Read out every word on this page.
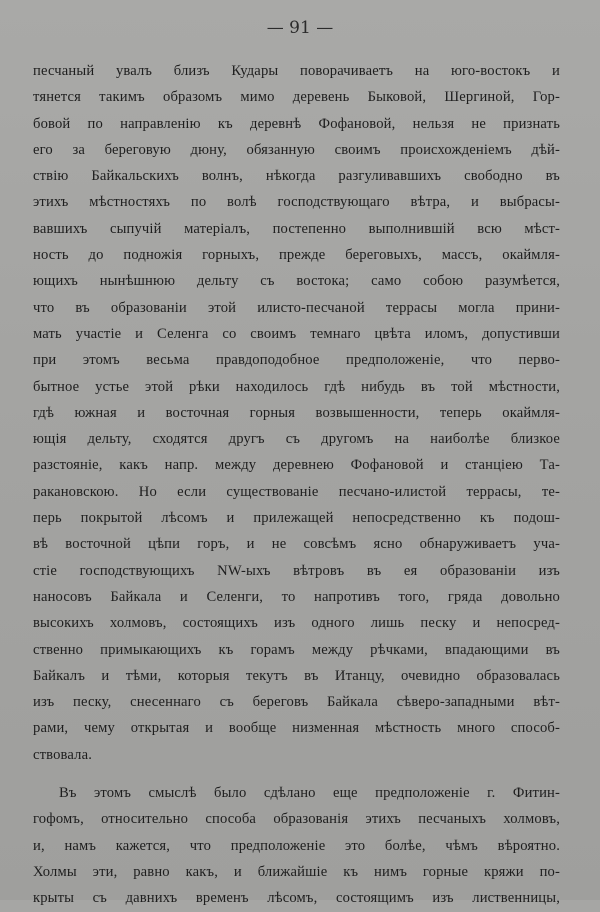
— 91 —

песчаный увалъ близъ Кудары поворачиваетъ на юго-востокъ и
тянется такимъ образомъ мимо деревень Быковой, Шергиной, Гор-
бовой по направленію къ деревнѣ Фофановой, нельзя не признать
его за береговую дюну, обязанную своимъ происхожденіемъ дѣй-
ствію Байкальскихъ волнъ, нѣкогда разгуливавшихъ свободно въ
этихъ мѣстностяхъ по волѣ господствующаго вѣтра, и выбрасы-
вавшихъ сыпучій матеріалъ, постепенно выполнившій всю мѣст-
ность до подножія горныхъ, прежде береговыхъ, массъ, окаймля-
ющихъ нынѣшнюю дельту съ востока; само собою разумѣется,
что въ образованіи этой илисто-песчаной террасы могла прини-
мать участіе и Селенга со своимъ темнаго цвѣта иломъ, допустивши
при этомъ весьма правдоподобное предположеніе, что перво-
бытное устье этой рѣки находилось гдѣ нибудь въ той мѣстности,
гдѣ южная и восточная горныя возвышенности, теперь окаймля-
ющія дельту, сходятся другъ съ другомъ на наиболѣе близкое
разстояніе, какъ напр. между деревнею Фофановой и станціею Та-
ракановскою. Но если существованіе песчано-илистой террасы, те-
перь покрытой лѣсомъ и прилежащей непосредственно къ подош-
вѣ восточной цѣпи горъ, и не совсѣмъ ясно обнаруживаетъ уча-
стіе господствующихъ NW-ыхъ вѣтровъ въ ея образованіи изъ
наносовъ Байкала и Селенги, то напротивъ того, гряда довольно
высокихъ холмовъ, состоящихъ изъ одного лишь песку и непосред-
ственно примыкающихъ къ горамъ между рѣчками, впадающими въ
Байкалъ и тѣми, которыя текутъ въ Итанцу, очевидно образовалась
изъ песку, снесеннаго съ береговъ Байкала сѣверо-западными вѣт-
рами, чему открытая и вообще низменная мѣстность много способ-
ствовала.

Въ этомъ смыслѣ было сдѣлано еще предположеніе г. Фитин-
гофомъ, относительно способа образованія этихъ песчаныхъ холмовъ,
и, намъ кажется, что предположеніе это болѣе, чѣмъ вѣроятно.
Холмы эти, равно какъ, и ближайшіе къ нимъ горные кряжи по-
крыты съ давнихъ временъ лѣсомъ, состоящимъ изъ лиственницы,
